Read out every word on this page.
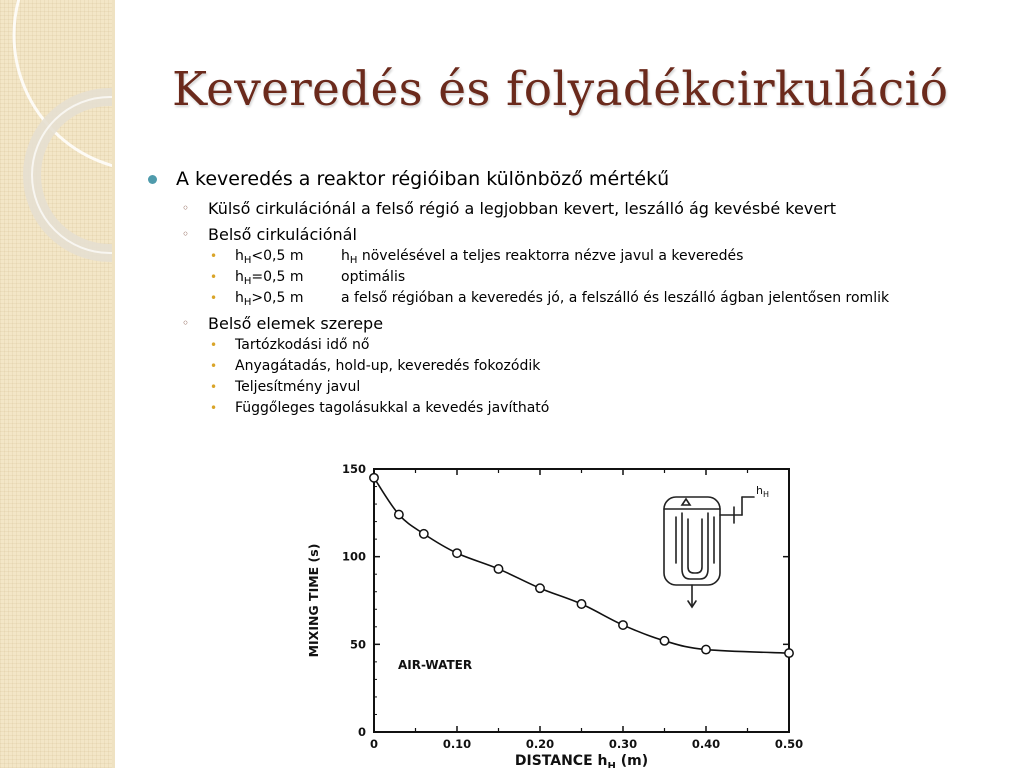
Keveredés és folyadékcirkuláció
A keveredés a reaktor régióiban különböző mértékű
◦ Külső cirkulációnál a felső régió a legjobban kevert, leszálló ág kevésbé kevert
◦ Belső cirkulációnál
• $h_H<0,5$ m	$h_H$ növelésével a teljes reaktorra nézve javul a keveredés
• $h_H=0,5$ m	optimális
• $h_H>0,5$ m	a felső régióban a keveredés jó, a felszálló és leszálló ágban jelentősen romlik
◦ Belső elemek szerepe
• Tartózkodási idő nő
• Anyagátadás, hold-up, keveredés fokozódik
• Teljesítmény javul
• Függőleges tagolásukkal a kevedés javítható
0	0.10	0.20	0.30	0.40	0.50
0
50
100
150
AIR-WATER
MIXING TIME (s)
DISTANCE $h_H$ (m)
$h_H$
